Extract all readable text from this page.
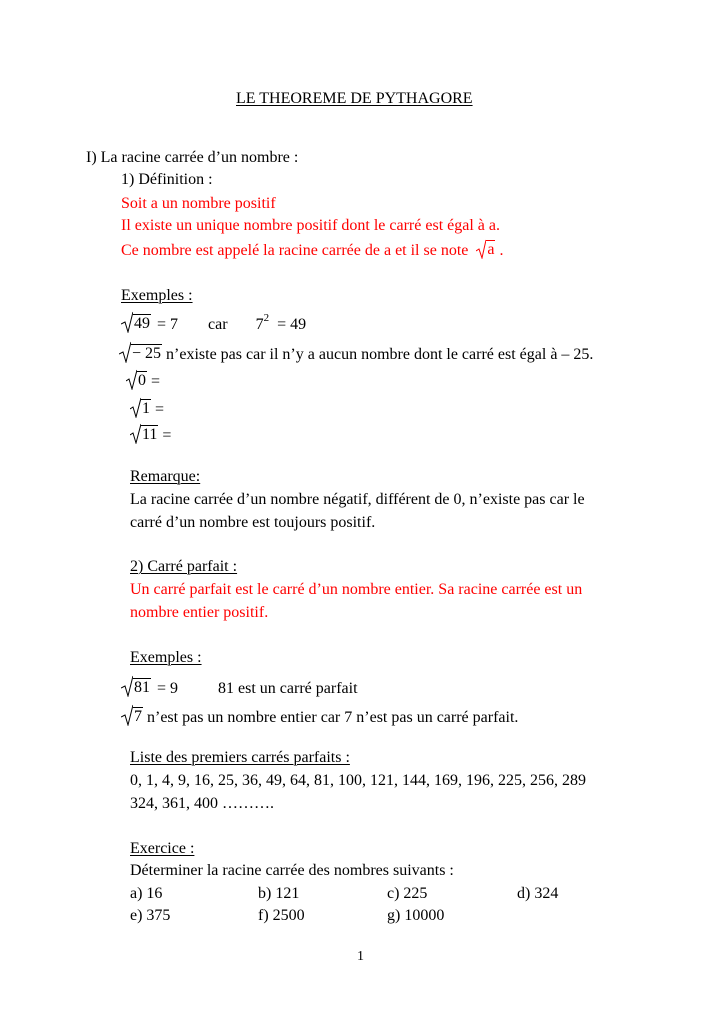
LE THEOREME DE PYTHAGORE
I) La racine carrée d’un nombre :
1) Définition :
Soit a un nombre positif
Il existe un unique nombre positif dont le carré est égal à a.
Ce nombre est appelé la racine carrée de a et il se note a .
Exemples :
49 = 7 car $7^2 = 49$
− 25 n’existe pas car il n’y a aucun nombre dont le carré est égal à – 25.
0 =
1 =
11 =
Remarque:
La racine carrée d’un nombre négatif, différent de 0, n’existe pas car le
carré d’un nombre est toujours positif.
2) Carré parfait :
Un carré parfait est le carré d’un nombre entier. Sa racine carrée est un
nombre entier positif.
Exemples :
81 = 9	81 est un carré parfait
7 n’est pas un nombre entier car 7 n’est pas un carré parfait.
Liste des premiers carrés parfaits :
0, 1, 4, 9, 16, 25, 36, 49, 64, 81, 100, 121, 144, 169, 196, 225, 256, 289
324, 361, 400 ……….
Exercice :
Déterminer la racine carrée des nombres suivants :
a) 16	b) 121	c) 225	d) 324
e) 375	f) 2500	g) 10000
1
